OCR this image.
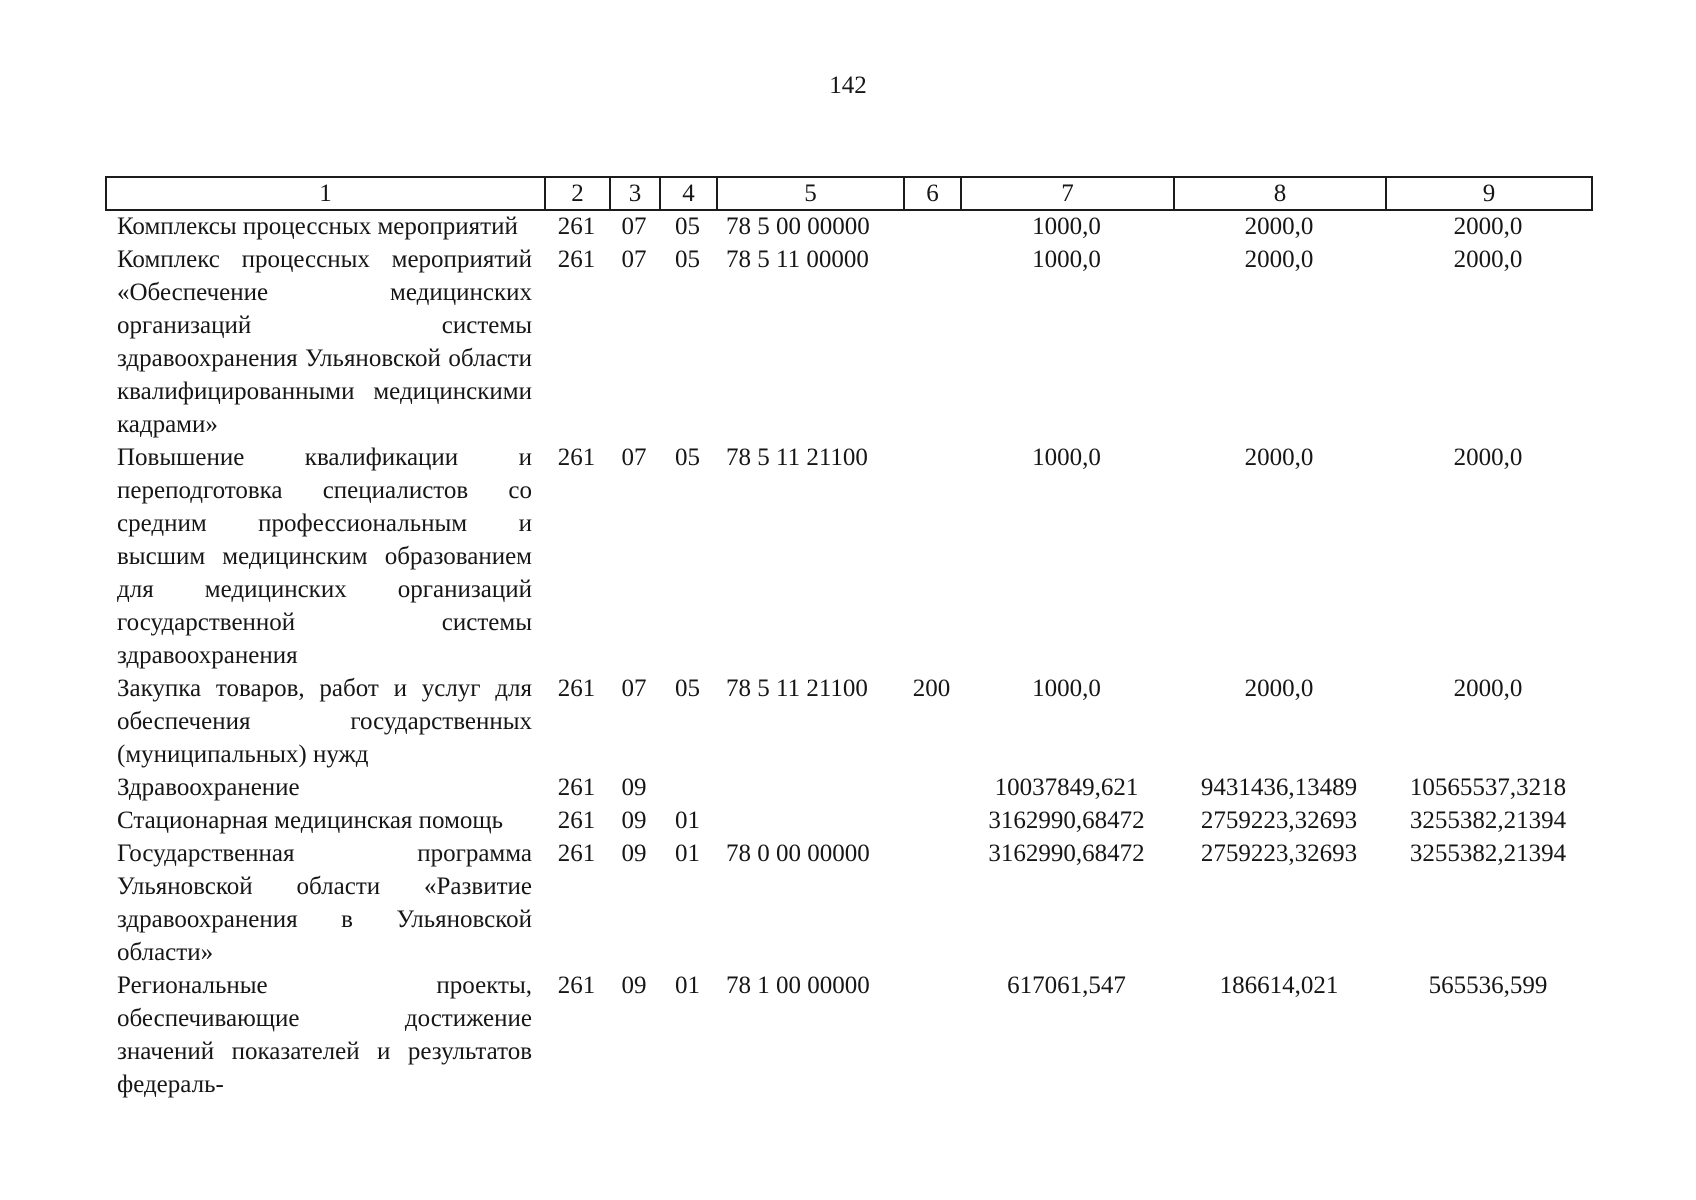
142
1	2	3	4	5	6	7	8	9
Комплексы процессных мероприятий	261	07	05	78 5 00 00000		1000,0	2000,0	2000,0
Комплекс процессных мероприятий «Обеспечение медицинских организаций системы здравоохранения Ульяновской области квалифицированными медицинскими кадрами»	261	07	05	78 5 11 00000		1000,0	2000,0	2000,0
Повышение квалификации и переподготовка специалистов со средним профессиональным и высшим медицинским образованием для медицинских организаций государственной системы здравоохранения	261	07	05	78 5 11 21100		1000,0	2000,0	2000,0
Закупка товаров, работ и услуг для обеспечения государственных (муниципальных) нужд	261	07	05	78 5 11 21100	200	1000,0	2000,0	2000,0
Здравоохранение	261	09				10037849,621	9431436,13489	10565537,3218
Стационарная медицинская помощь	261	09	01			3162990,68472	2759223,32693	3255382,21394
Государственная программа Ульяновской области «Развитие здравоохранения в Ульяновской области»	261	09	01	78 0 00 00000		3162990,68472	2759223,32693	3255382,21394
Региональные проекты, обеспечивающие достижение значений показателей и результатов федераль-	261	09	01	78 1 00 00000		617061,547	186614,021	565536,599
